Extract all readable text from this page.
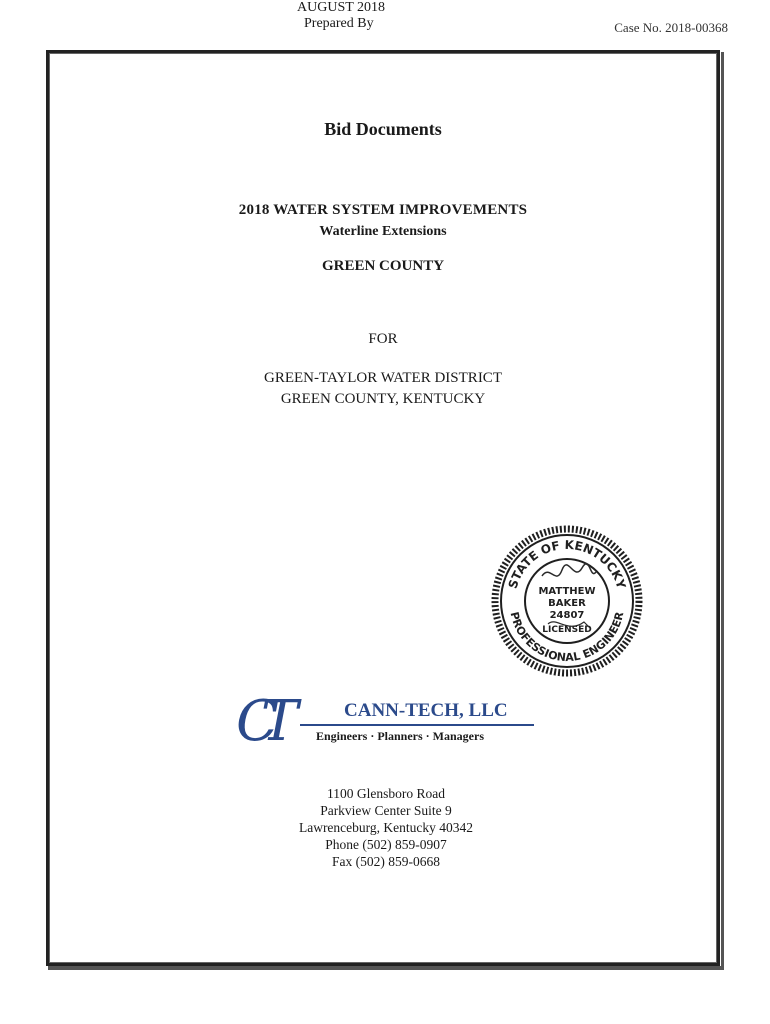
Case No. 2018-00368
Bid Documents
2018 WATER SYSTEM IMPROVEMENTS
Waterline Extensions
GREEN COUNTY
FOR
GREEN-TAYLOR WATER DISTRICT
GREEN COUNTY, KENTUCKY
AUGUST 2018
STATE OF KENTUCKY
PROFESSIONAL ENGINEER
MATTHEW
BAKER
24807
LICENSED
Prepared By
CT	CANN-TECH, LLC
Engineers · Planners · Managers
1100 Glensboro Road
Parkview Center Suite 9
Lawrenceburg, Kentucky 40342
Phone (502) 859-0907
Fax (502) 859-0668
